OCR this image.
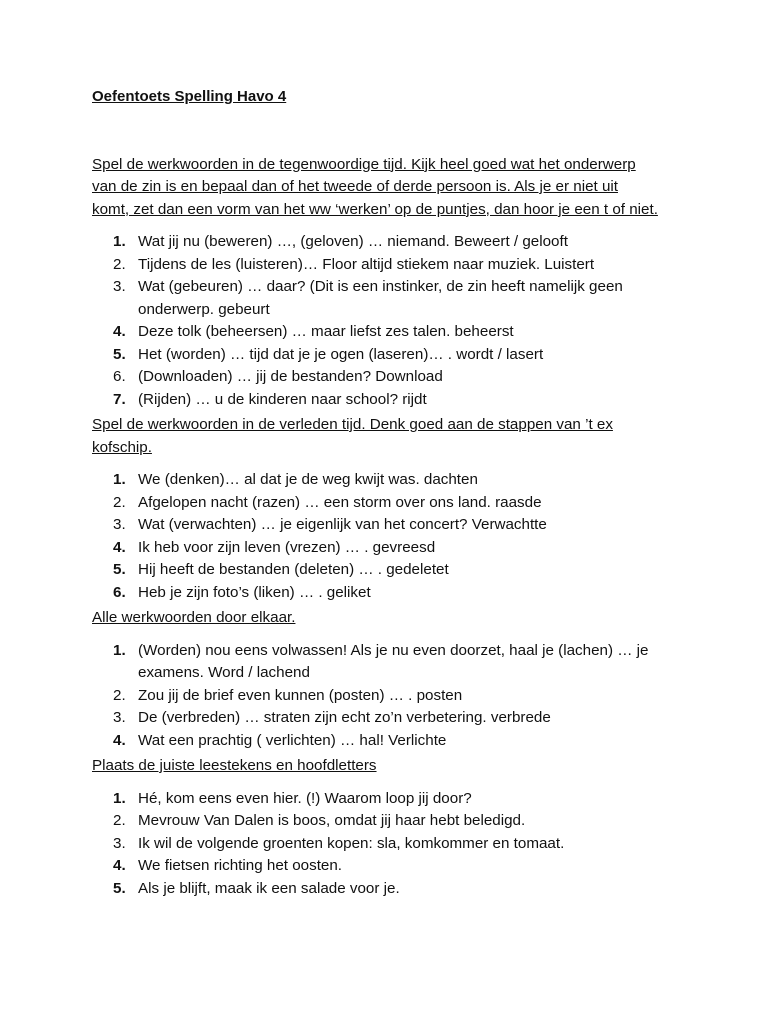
Oefentoets Spelling Havo 4
Spel de werkwoorden in de tegenwoordige tijd. Kijk heel goed wat het onderwerp van de zin is en bepaal dan of het tweede of derde persoon is. Als je er niet uit komt, zet dan een vorm van het ww ‘werken’ op de puntjes, dan hoor je een t of niet.
1. Wat jij nu (beweren) …, (geloven) … niemand. Beweert / gelooft
2. Tijdens de les (luisteren)… Floor altijd stiekem naar muziek. Luistert
3. Wat (gebeuren) … daar? (Dit is een instinker, de zin heeft namelijk geen onderwerp. gebeurt
4. Deze tolk (beheersen) … maar liefst zes talen. beheerst
5. Het (worden) … tijd dat je je ogen (laseren)… . wordt / lasert
6. (Downloaden) … jij de bestanden? Download
7. (Rijden) … u de kinderen naar school? rijdt
Spel de werkwoorden in de verleden tijd. Denk goed aan de stappen van ’t ex kofschip.
1. We (denken)… al dat je de weg kwijt was. dachten
2. Afgelopen nacht (razen) … een storm over ons land. raasde
3. Wat (verwachten) … je eigenlijk van het concert? Verwachtte
4. Ik heb voor zijn leven (vrezen) … . gevreesd
5. Hij heeft de bestanden (deleten) … . gedeletet
6. Heb je zijn foto’s (liken) … . geliket
Alle werkwoorden door elkaar.
1. (Worden) nou eens volwassen! Als je nu even doorzet, haal je (lachen) … je examens. Word / lachend
2. Zou jij de brief even kunnen (posten) … . posten
3. De (verbreden) … straten zijn echt zo’n verbetering. verbrede
4. Wat een prachtig ( verlichten) … hal! Verlichte
Plaats de juiste leestekens en hoofdletters
1. Hé, kom eens even hier. (!) Waarom loop jij door?
2. Mevrouw Van Dalen is boos, omdat jij haar hebt beledigd.
3. Ik wil de volgende groenten kopen: sla, komkommer en tomaat.
4. We fietsen richting het oosten.
5. Als je blijft, maak ik een salade voor je.
